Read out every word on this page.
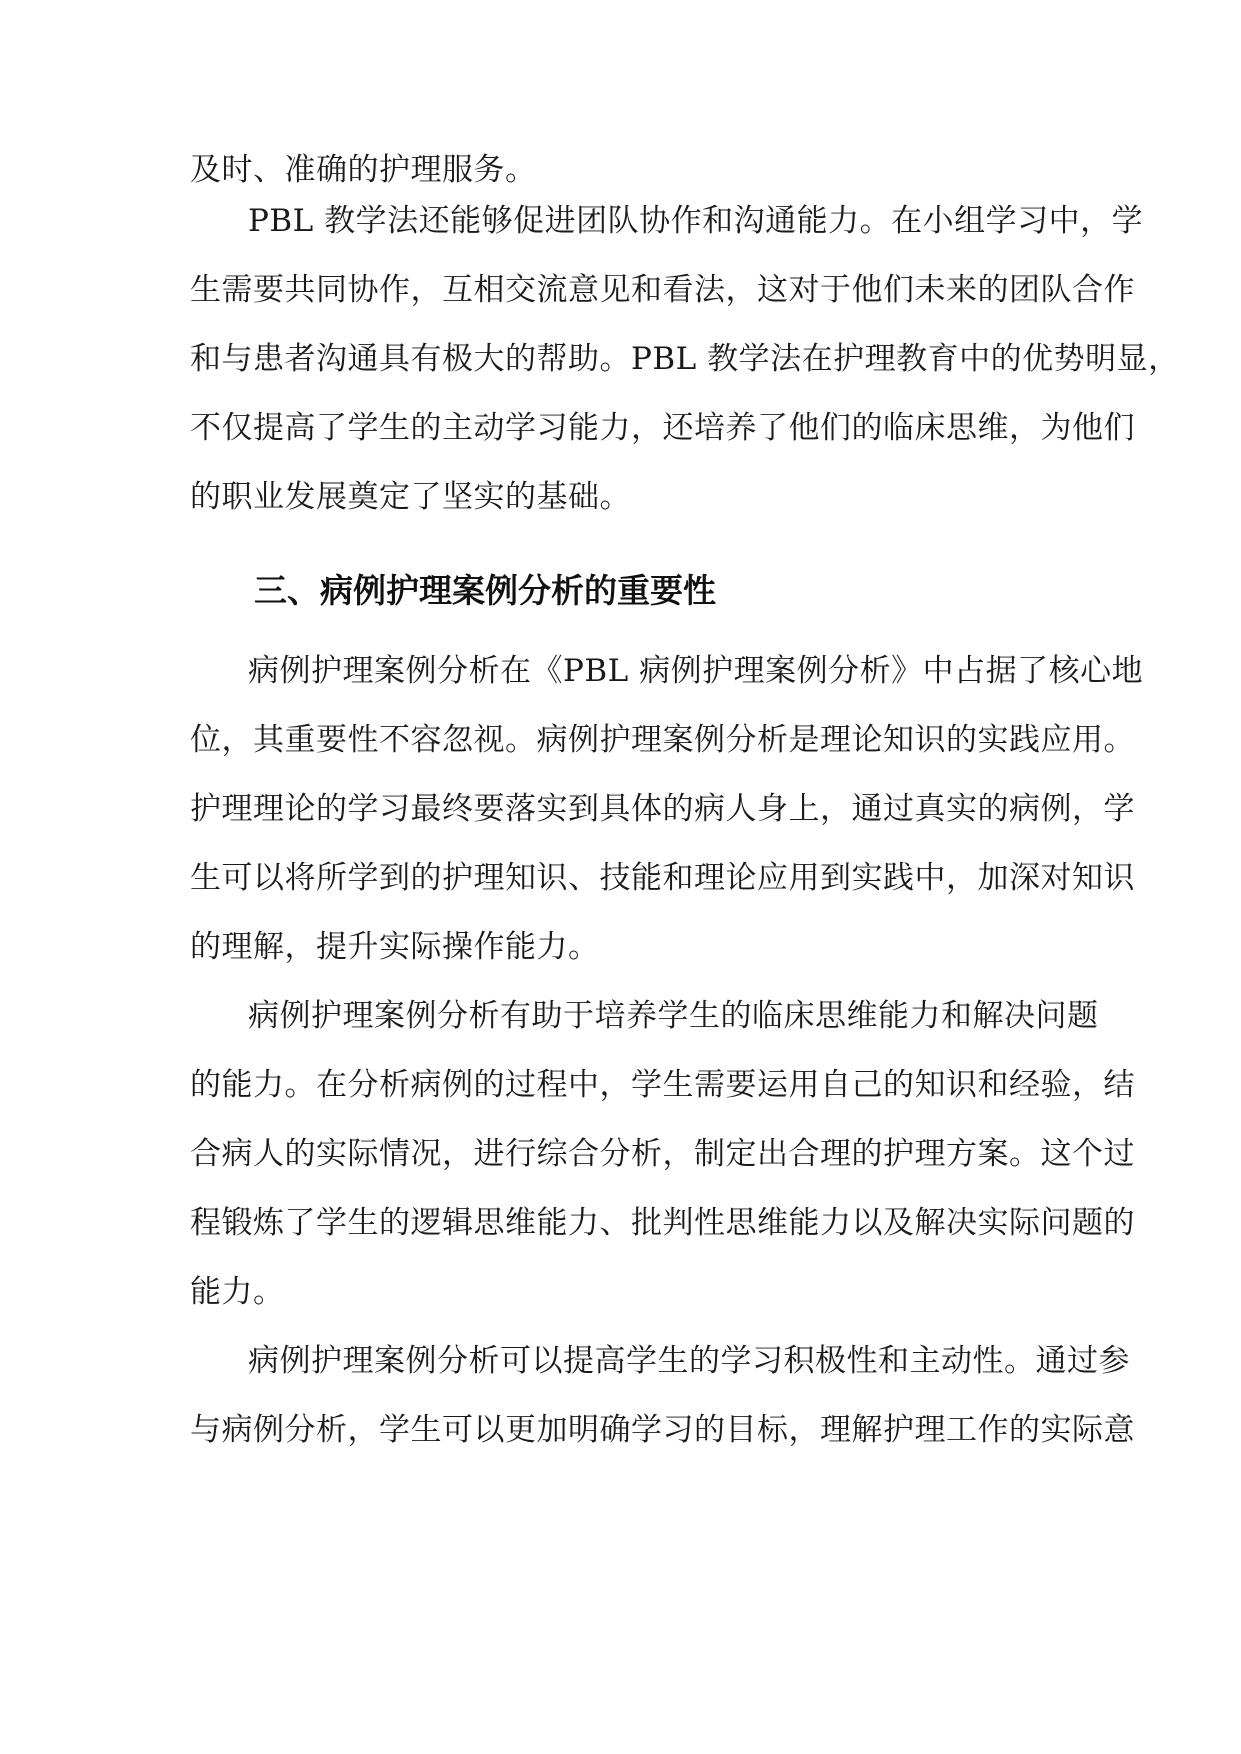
及时、准确的护理服务。
PBL 教学法还能够促进团队协作和沟通能力。在小组学习中，学
生需要共同协作，互相交流意见和看法，这对于他们未来的团队合作
和与患者沟通具有极大的帮助。PBL 教学法在护理教育中的优势明显，
不仅提高了学生的主动学习能力，还培养了他们的临床思维，为他们
的职业发展奠定了坚实的基础。
三、病例护理案例分析的重要性
病例护理案例分析在《PBL 病例护理案例分析》中占据了核心地
位，其重要性不容忽视。病例护理案例分析是理论知识的实践应用。
护理理论的学习最终要落实到具体的病人身上，通过真实的病例，学
生可以将所学到的护理知识、技能和理论应用到实践中，加深对知识
的理解，提升实际操作能力。
病例护理案例分析有助于培养学生的临床思维能力和解决问题
的能力。在分析病例的过程中，学生需要运用自己的知识和经验，结
合病人的实际情况，进行综合分析，制定出合理的护理方案。这个过
程锻炼了学生的逻辑思维能力、批判性思维能力以及解决实际问题的
能力。
病例护理案例分析可以提高学生的学习积极性和主动性。通过参
与病例分析，学生可以更加明确学习的目标，理解护理工作的实际意
